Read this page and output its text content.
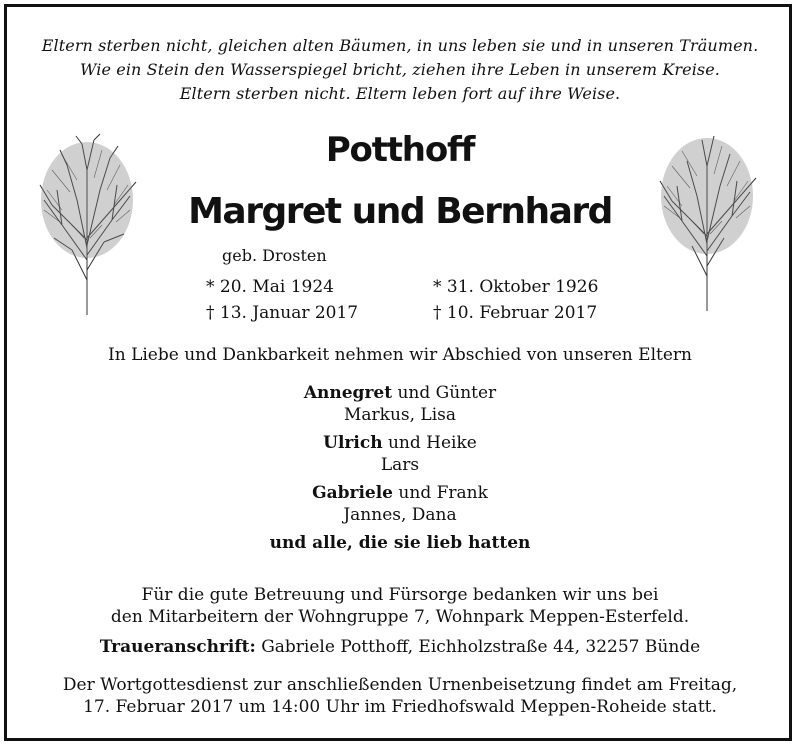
Eltern sterben nicht, gleichen alten Bäumen, in uns leben sie und in unseren Träumen.
Wie ein Stein den Wasserspiegel bricht, ziehen ihre Leben in unserem Kreise.
Eltern sterben nicht. Eltern leben fort auf ihre Weise.
Potthoff
Margret und Bernhard
geb. Drosten
* 20. Mai 1924
† 13. Januar 2017
* 31. Oktober 1926
† 10. Februar 2017
In Liebe und Dankbarkeit nehmen wir Abschied von unseren Eltern
Annegret und Günter
Markus, Lisa
Ulrich und Heike
Lars
Gabriele und Frank
Jannes, Dana
und alle, die sie lieb hatten
Für die gute Betreuung und Fürsorge bedanken wir uns bei
den Mitarbeitern der Wohngruppe 7, Wohnpark Meppen-Esterfeld.
Traueranschrift: Gabriele Potthoff, Eichholzstraße 44, 32257 Bünde
Der Wortgottesdienst zur anschließenden Urnenbeisetzung findet am Freitag,
17. Februar 2017 um 14:00 Uhr im Friedhofswald Meppen-Roheide statt.
